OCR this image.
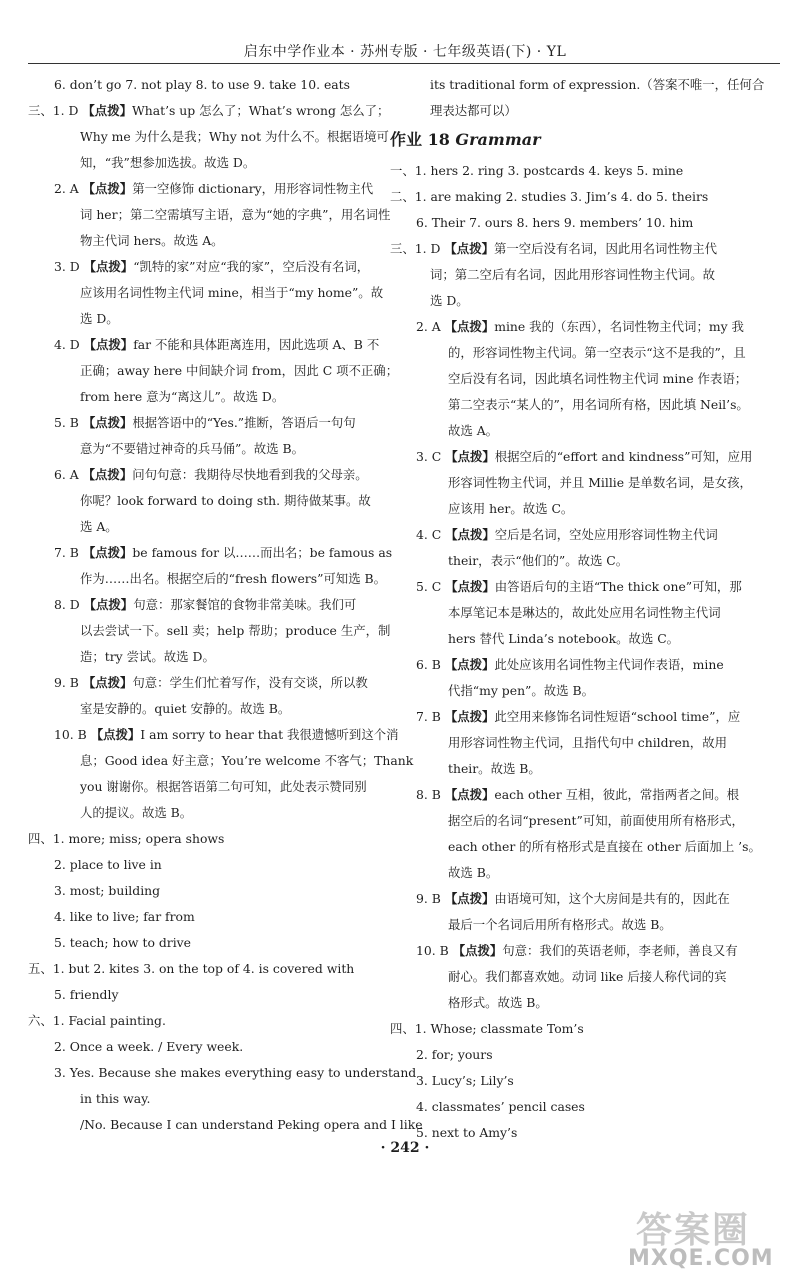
启东中学作业本 · 苏州专版 · 七年级英语(下) · YL
6. don’t go 7. not play 8. to use 9. take 10. eats
三、1. D 【点拨】What’s up 怎么了；What’s wrong 怎么了；
Why me 为什么是我；Why not 为什么不。根据语境可
知，“我”想参加选拔。故选 D。
2. A 【点拨】第一空修饰 dictionary，用形容词性物主代
词 her；第二空需填写主语，意为“她的字典”，用名词性
物主代词 hers。故选 A。
3. D 【点拨】“凯特的家”对应“我的家”，空后没有名词，
应该用名词性物主代词 mine，相当于“my home”。故
选 D。
4. D 【点拨】far 不能和具体距离连用，因此选项 A、B 不
正确；away here 中间缺介词 from，因此 C 项不正确；
from here 意为“离这儿”。故选 D。
5. B 【点拨】根据答语中的“Yes.”推断，答语后一句句
意为“不要错过神奇的兵马俑”。故选 B。
6. A 【点拨】问句句意：我期待尽快地看到我的父母亲。
你呢？look forward to doing sth. 期待做某事。故
选 A。
7. B 【点拨】be famous for 以……而出名；be famous as
作为……出名。根据空后的“fresh flowers”可知选 B。
8. D 【点拨】句意：那家餐馆的食物非常美味。我们可
以去尝试一下。sell 卖；help 帮助；produce 生产，制
造；try 尝试。故选 D。
9. B 【点拨】句意：学生们忙着写作，没有交谈，所以教
室是安静的。quiet 安静的。故选 B。
10. B 【点拨】I am sorry to hear that 我很遗憾听到这个消
息；Good idea 好主意；You’re welcome 不客气；Thank
you 谢谢你。根据答语第二句可知，此处表示赞同别
人的提议。故选 B。
四、1. more; miss; opera shows
2. place to live in
3. most; building
4. like to live; far from
5. teach; how to drive
五、1. but 2. kites 3. on the top of 4. is covered with
5. friendly
六、1. Facial painting.
2. Once a week. / Every week.
3. Yes. Because she makes everything easy to understand
in this way.
/No. Because I can understand Peking opera and I like
its traditional form of expression.（答案不唯一，任何合
理表达都可以）
作业 18 Grammar
一、1. hers 2. ring 3. postcards 4. keys 5. mine
二、1. are making 2. studies 3. Jim’s 4. do 5. theirs
6. Their 7. ours 8. hers 9. members’ 10. him
三、1. D 【点拨】第一空后没有名词，因此用名词性物主代
词；第二空后有名词，因此用形容词性物主代词。故
选 D。
2. A 【点拨】mine 我的（东西），名词性物主代词；my 我
的，形容词性物主代词。第一空表示“这不是我的”，且
空后没有名词，因此填名词性物主代词 mine 作表语；
第二空表示“某人的”，用名词所有格，因此填 Neil’s。
故选 A。
3. C 【点拨】根据空后的“effort and kindness”可知，应用
形容词性物主代词，并且 Millie 是单数名词，是女孩，
应该用 her。故选 C。
4. C 【点拨】空后是名词，空处应用形容词性物主代词
their，表示“他们的”。故选 C。
5. C 【点拨】由答语后句的主语“The thick one”可知，那
本厚笔记本是琳达的，故此处应用名词性物主代词
hers 替代 Linda’s notebook。故选 C。
6. B 【点拨】此处应该用名词性物主代词作表语，mine
代指“my pen”。故选 B。
7. B 【点拨】此空用来修饰名词性短语“school time”，应
用形容词性物主代词，且指代句中 children，故用
their。故选 B。
8. B 【点拨】each other 互相，彼此，常指两者之间。根
据空后的名词“present”可知，前面使用所有格形式，
each other 的所有格形式是直接在 other 后面加上 ’s。
故选 B。
9. B 【点拨】由语境可知，这个大房间是共有的，因此在
最后一个名词后用所有格形式。故选 B。
10. B 【点拨】句意：我们的英语老师，李老师，善良又有
耐心。我们都喜欢她。动词 like 后接人称代词的宾
格形式。故选 B。
四、1. Whose; classmate Tom’s
2. for; yours
3. Lucy’s; Lily’s
4. classmates’ pencil cases
5. next to Amy’s
· 242 ·
答案圈
MXQE.COM
